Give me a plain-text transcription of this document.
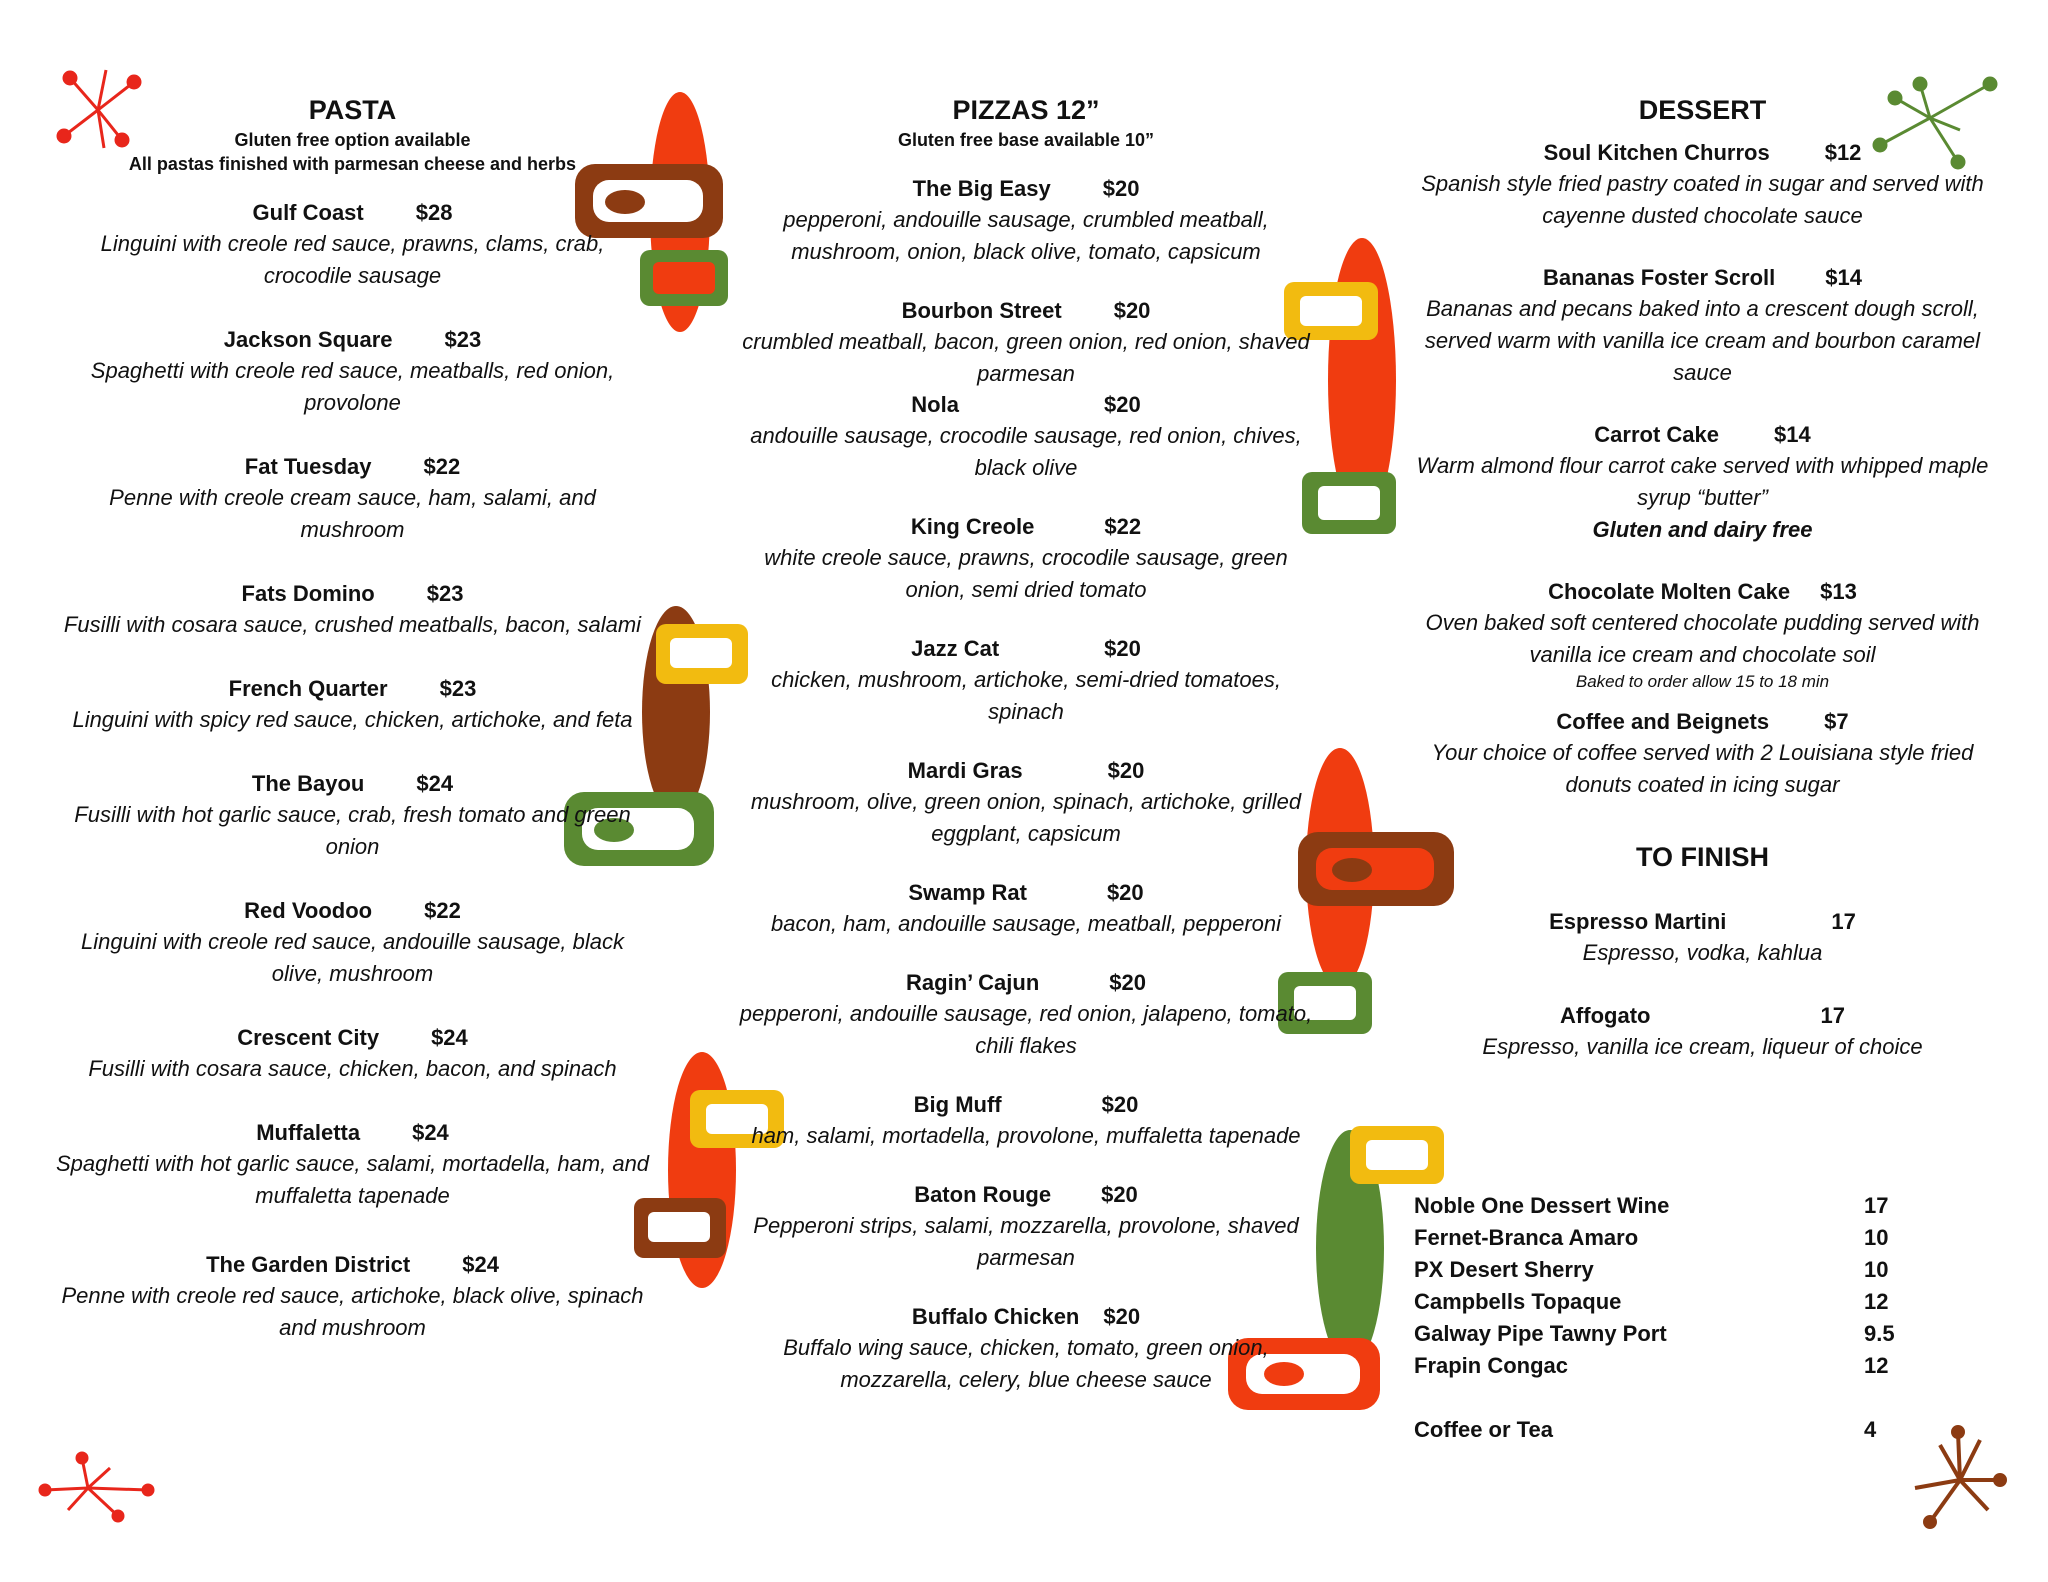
PASTA
Gluten free option available
All pastas finished with parmesan cheese and herbs
Gulf Coast $28
Linguini with creole red sauce, prawns, clams, crab, crocodile sausage
Jackson Square $23
Spaghetti with creole red sauce, meatballs, red onion, provolone
Fat Tuesday $22
Penne with creole cream sauce, ham, salami, and mushroom
Fats Domino $23
Fusilli with cosara sauce, crushed meatballs, bacon, salami
French Quarter $23
Linguini with spicy red sauce, chicken, artichoke, and feta
The Bayou $24
Fusilli with hot garlic sauce, crab, fresh tomato and green onion
Red Voodoo $22
Linguini with creole red sauce, andouille sausage, black olive, mushroom
Crescent City $24
Fusilli with cosara sauce, chicken, bacon, and spinach
Muffaletta $24
Spaghetti with hot garlic sauce, salami, mortadella, ham, and muffaletta tapenade
The Garden District $24
Penne with creole red sauce, artichoke, black olive, spinach and mushroom
PIZZAS 12”
Gluten free base available 10”
The Big Easy $20
pepperoni, andouille sausage, crumbled meatball, mushroom, onion, black olive, tomato, capsicum
Bourbon Street $20
crumbled meatball, bacon, green onion, red onion, shaved parmesan
Nola	$20
andouille sausage, crocodile sausage, red onion, chives, black olive
King Creole	$22
white creole sauce, prawns, crocodile sausage, green onion, semi dried tomato
Jazz Cat	$20
chicken, mushroom, artichoke, semi-dried tomatoes, spinach
Mardi Gras	$20
mushroom, olive, green onion, spinach, artichoke, grilled eggplant, capsicum
Swamp Rat	$20
bacon, ham, andouille sausage, meatball, pepperoni
Ragin’ Cajun	$20
pepperoni, andouille sausage, red onion, jalapeno, tomato, chili flakes
Big Muff	$20
ham, salami, mortadella, provolone, muffaletta tapenade
Baton Rouge $20
Pepperoni strips, salami, mozzarella, provolone, shaved parmesan
Buffalo Chicken $20
Buffalo wing sauce, chicken, tomato, green onion, mozzarella, celery, blue cheese sauce
DESSERT
Soul Kitchen Churros	$12
Spanish style fried pastry coated in sugar and served with cayenne dusted chocolate sauce
Bananas Foster Scroll $14
Bananas and pecans baked into a crescent dough scroll, served warm with vanilla ice cream and bourbon caramel sauce
Carrot Cake	$14
Warm almond flour carrot cake served with whipped maple syrup “butter”
Gluten and dairy free
Chocolate Molten Cake $13
Oven baked soft centered chocolate pudding served with vanilla ice cream and chocolate soil
Baked to order allow 15 to 18 min
Coffee and Beignets	$7
Your choice of coffee served with 2 Louisiana style fried donuts coated in icing sugar
TO FINISH
Espresso Martini	17
Espresso, vodka, kahlua
Affogato	17
Espresso, vanilla ice cream, liqueur of choice
Noble One Dessert Wine	17
Fernet-Branca Amaro	10
PX Desert Sherry	10
Campbells Topaque	12
Galway Pipe Tawny Port	9.5
Frapin Congac	12
Coffee or Tea	4
